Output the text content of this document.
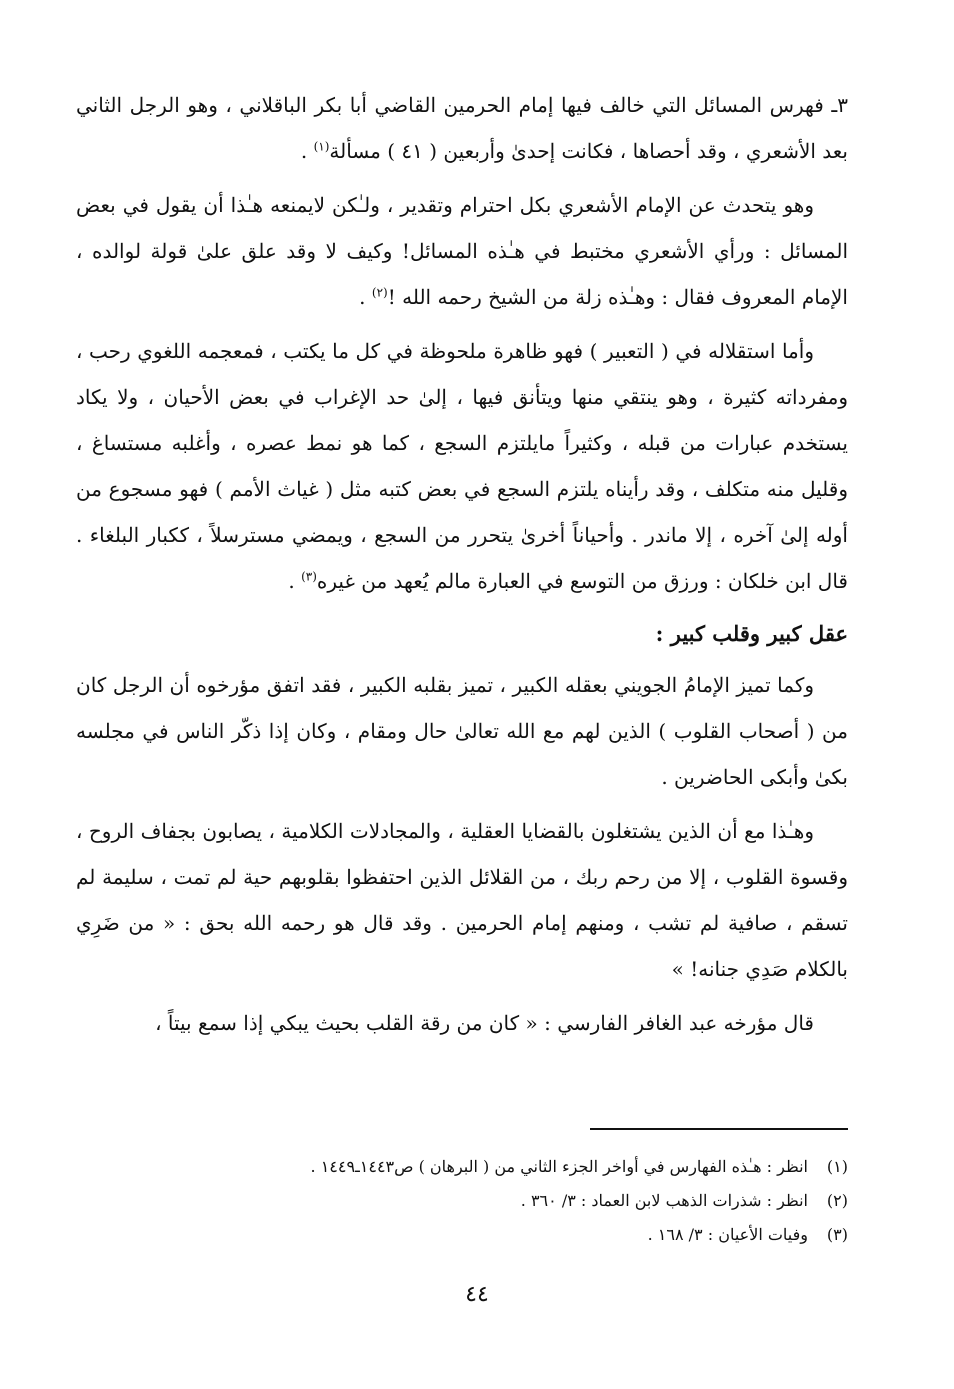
٣ـ فهرس المسائل التي خالف فيها إمام الحرمين القاضي أبا بكر الباقلاني ، وهو الرجل الثاني بعد الأشعري ، وقد أحصاها ، فكانت إحدىٰ وأربعين ( ٤١ ) مسألة$^{(١)}$ .

وهو يتحدث عن الإمام الأشعري بكل احترام وتقدير ، ولـٰكن لايمنعه هـٰذا أن يقول في بعض المسائل : ورأي الأشعري مختبط في هـٰذه المسائل! وكيف لا وقد علق علىٰ قولة لوالده ، الإمام المعروف فقال : وهـٰذه زلة من الشيخ رحمه الله !$^{(٢)}$ .

وأما استقلاله في ( التعبير ) فهو ظاهرة ملحوظة في كل ما يكتب ، فمعجمه اللغوي رحب ، ومفرداته كثيرة ، وهو ينتقي منها ويتأنق فيها ، إلىٰ حد الإغراب في بعض الأحيان ، ولا يكاد يستخدم عبارات من قبله ، وكثيراً مايلتزم السجع ، كما هو نمط عصره ، وأغلبه مستساغ ، وقليل منه متكلف ، وقد رأيناه يلتزم السجع في بعض كتبه مثل ( غياث الأمم ) فهو مسجوع من أوله إلىٰ آخره ، إلا ماندر . وأحياناً أخرىٰ يتحرر من السجع ، ويمضي مسترسلاً ، ككبار البلغاء . قال ابن خلكان : ورزق من التوسع في العبارة مالم يُعهد من غيره$^{(٣)}$ .

عقل كبير وقلب كبير :

وكما تميز الإمامُ الجويني بعقله الكبير ، تميز بقلبه الكبير ، فقد اتفق مؤرخوه أن الرجل كان من ( أصحاب القلوب ) الذين لهم مع الله تعالىٰ حال ومقام ، وكان إذا ذكّر الناس في مجلسه بكىٰ وأبكى الحاضرين .

وهـٰذا مع أن الذين يشتغلون بالقضايا العقلية ، والمجادلات الكلامية ، يصابون بجفاف الروح ، وقسوة القلوب ، إلا من رحم ربك ، من القلائل الذين احتفظوا بقلوبهم حية لم تمت ، سليمة لم تسقم ، صافية لم تشب ، ومنهم إمام الحرمين . وقد قال هو رحمه الله بحق : « من ضَرِي بالكلام صَدِي جنانه! »

قال مؤرخه عبد الغافر الفارسي : « كان من رقة القلب بحيث يبكي إذا سمع بيتاً ،

(١)
انظر : هـٰذه الفهارس في أواخر الجزء الثاني من ( البرهان ) ص١٤٤٣ـ١٤٤٩ .
(٢)
انظر : شذرات الذهب لابن العماد : ٣/ ٣٦٠ .
(٣)
وفيات الأعيان : ٣/ ١٦٨ .
٤٤
